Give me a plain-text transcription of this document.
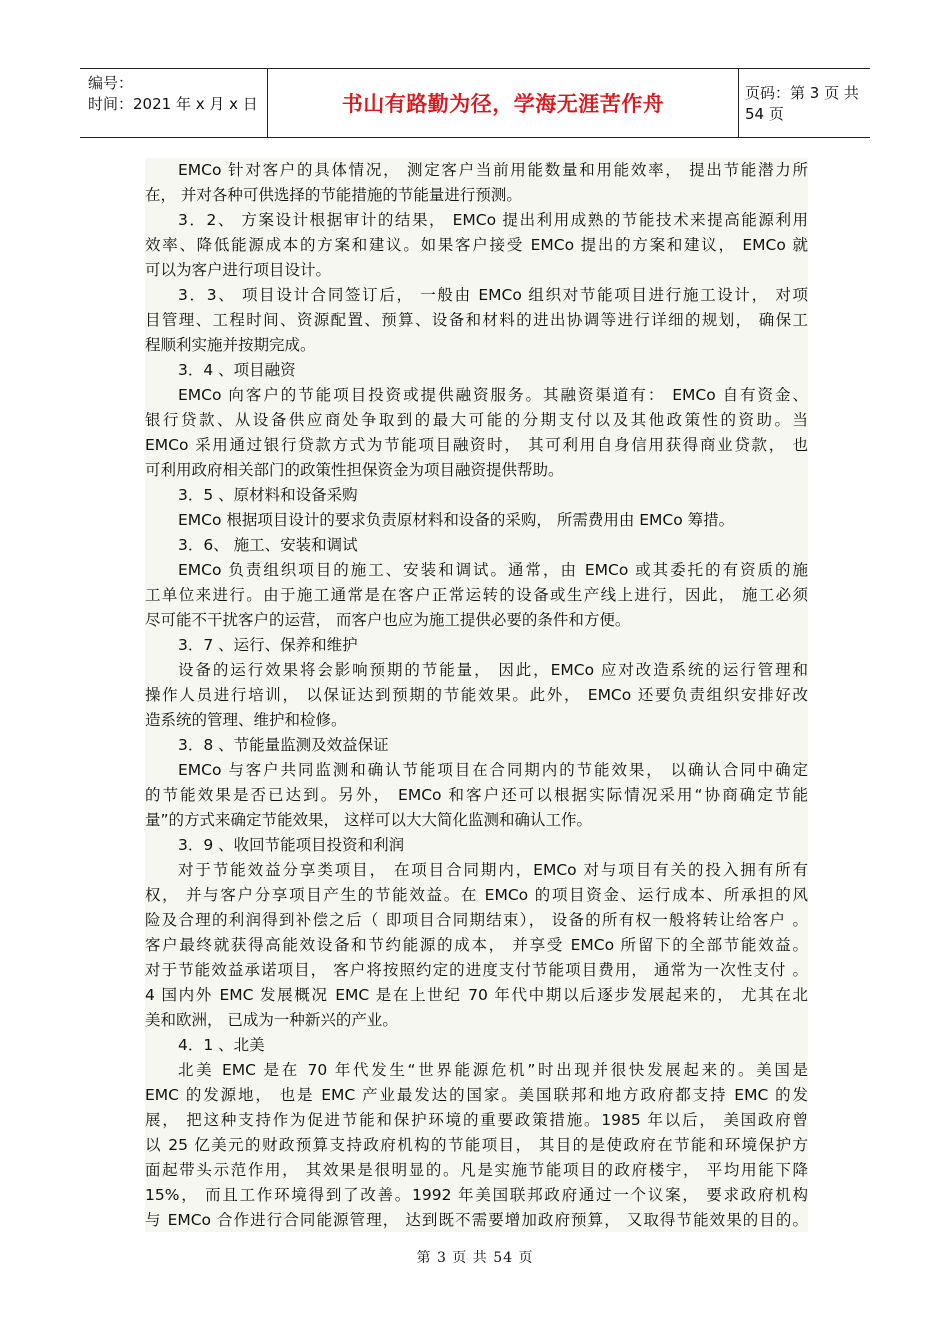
编号：
时间：2021 年 x 月 x 日	书山有路勤为径，学海无涯苦作舟	页码：第 3 页 共 54 页
EMCo 针对客户的具体情况， 测定客户当前用能数量和用能效率， 提出节能潜力所
在， 并对各种可供选择的节能措施的节能量进行预测。
3．2、 方案设计根据审计的结果， EMCo 提出利用成熟的节能技术来提高能源利用
效率、降低能源成本的方案和建议。如果客户接受 EMCo 提出的方案和建议， EMCo 就
可以为客户进行项目设计。
3．3、 项目设计合同签订后， 一般由 EMCo 组织对节能项目进行施工设计， 对项
目管理、工程时间、资源配置、预算、设备和材料的进出协调等进行详细的规划， 确保工
程顺利实施并按期完成。
3．4 、项目融资
EMCo 向客户的节能项目投资或提供融资服务。其融资渠道有： EMCo 自有资金、
银行贷款、从设备供应商处争取到的最大可能的分期支付以及其他政策性的资助。当
EMCo 采用通过银行贷款方式为节能项目融资时， 其可利用自身信用获得商业贷款， 也
可利用政府相关部门的政策性担保资金为项目融资提供帮助。
3．5 、原材料和设备采购
EMCo 根据项目设计的要求负责原材料和设备的采购， 所需费用由 EMCo 筹措。
3．6、 施工、安装和调试
EMCo 负责组织项目的施工、安装和调试。通常，由 EMCo 或其委托的有资质的施
工单位来进行。由于施工通常是在客户正常运转的设备或生产线上进行，因此， 施工必须
尽可能不干扰客户的运营， 而客户也应为施工提供必要的条件和方便。
3．7 、运行、保养和维护
设备的运行效果将会影响预期的节能量， 因此，EMCo 应对改造系统的运行管理和
操作人员进行培训， 以保证达到预期的节能效果。此外， EMCo 还要负责组织安排好改
造系统的管理、维护和检修。
3．8 、节能量监测及效益保证
EMCo 与客户共同监测和确认节能项目在合同期内的节能效果， 以确认合同中确定
的节能效果是否已达到。另外， EMCo 和客户还可以根据实际情况采用“协商确定节能
量”的方式来确定节能效果， 这样可以大大简化监测和确认工作。
3．9 、收回节能项目投资和利润
对于节能效益分享类项目， 在项目合同期内，EMCo 对与项目有关的投入拥有所有
权， 并与客户分享项目产生的节能效益。在 EMCo 的项目资金、运行成本、所承担的风
险及合理的利润得到补偿之后（ 即项目合同期结束）， 设备的所有权一般将转让给客户 。
客户最终就获得高能效设备和节约能源的成本， 并享受 EMCo 所留下的全部节能效益。
对于节能效益承诺项目， 客户将按照约定的进度支付节能项目费用， 通常为一次性支付 。
4 国内外 EMC 发展概况 EMC 是在上世纪 70 年代中期以后逐步发展起来的， 尤其在北
美和欧洲， 已成为一种新兴的产业。
4．1 、北美
北美 EMC 是在 70 年代发生“世界能源危机”时出现并很快发展起来的。美国是
EMC 的发源地， 也是 EMC 产业最发达的国家。美国联邦和地方政府都支持 EMC 的发
展， 把这种支持作为促进节能和保护环境的重要政策措施。1985 年以后， 美国政府曾
以 25 亿美元的财政预算支持政府机构的节能项目， 其目的是使政府在节能和环境保护方
面起带头示范作用， 其效果是很明显的。凡是实施节能项目的政府楼宇， 平均用能下降
15%， 而且工作环境得到了改善。1992 年美国联邦政府通过一个议案， 要求政府机构
与 EMCo 合作进行合同能源管理， 达到既不需要增加政府预算， 又取得节能效果的目的。
第 3 页 共 54 页
